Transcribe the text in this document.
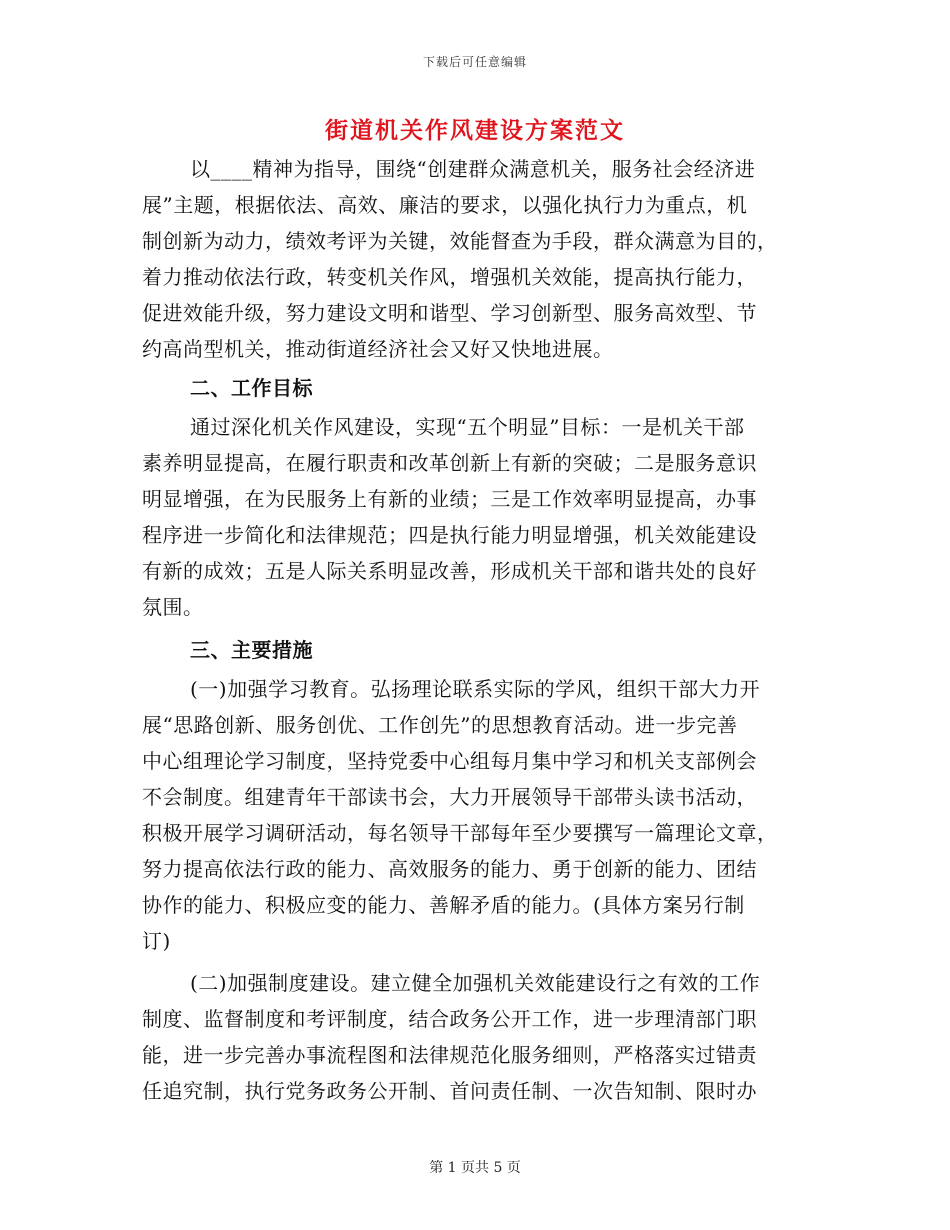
下载后可任意编辑
街道机关作风建设方案范文
以____精神为指导，围绕“创建群众满意机关，服务社会经济进
展”主题，根据依法、高效、廉洁的要求，以强化执行力为重点，机
制创新为动力，绩效考评为关键，效能督查为手段，群众满意为目的，
着力推动依法行政，转变机关作风，增强机关效能，提高执行能力，
促进效能升级，努力建设文明和谐型、学习创新型、服务高效型、节
约高尚型机关，推动街道经济社会又好又快地进展。
二、工作目标
通过深化机关作风建设，实现“五个明显”目标：一是机关干部
素养明显提高，在履行职责和改革创新上有新的突破；二是服务意识
明显增强，在为民服务上有新的业绩；三是工作效率明显提高，办事
程序进一步简化和法律规范；四是执行能力明显增强，机关效能建设
有新的成效；五是人际关系明显改善，形成机关干部和谐共处的良好
氛围。
三、主要措施
(一)加强学习教育。弘扬理论联系实际的学风，组织干部大力开
展“思路创新、服务创优、工作创先”的思想教育活动。进一步完善
中心组理论学习制度，坚持党委中心组每月集中学习和机关支部例会
不会制度。组建青年干部读书会，大力开展领导干部带头读书活动，
积极开展学习调研活动，每名领导干部每年至少要撰写一篇理论文章，
努力提高依法行政的能力、高效服务的能力、勇于创新的能力、团结
协作的能力、积极应变的能力、善解矛盾的能力。(具体方案另行制
订)
(二)加强制度建设。建立健全加强机关效能建设行之有效的工作
制度、监督制度和考评制度，结合政务公开工作，进一步理清部门职
能，进一步完善办事流程图和法律规范化服务细则，严格落实过错责
任追究制，执行党务政务公开制、首问责任制、一次告知制、限时办
第 1 页共 5 页
